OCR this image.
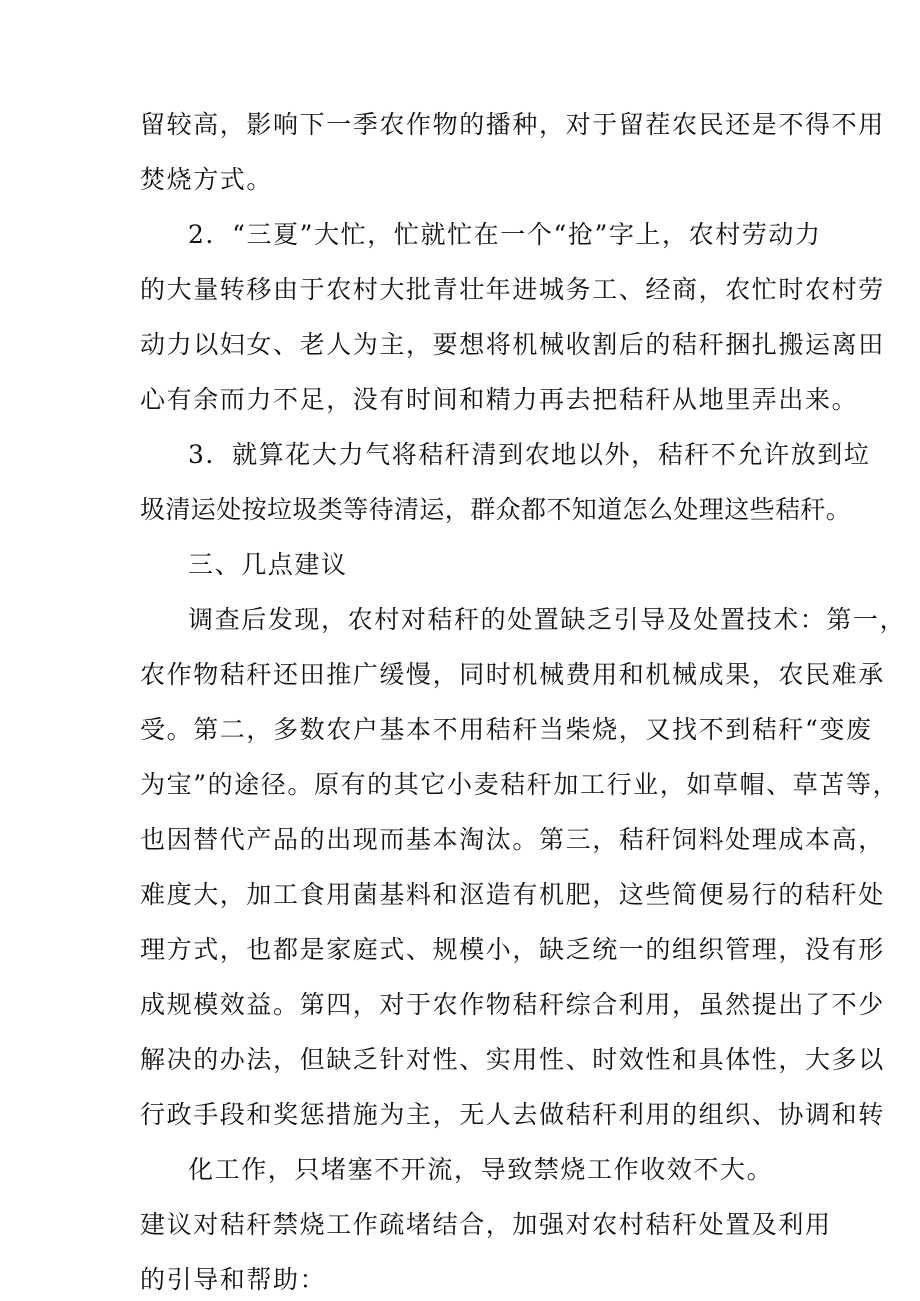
留较高，影响下一季农作物的播种，对于留茬农民还是不得不用
焚烧方式。
2．“三夏”大忙，忙就忙在一个“抢”字上，农村劳动力
的大量转移由于农村大批青壮年进城务工、经商，农忙时农村劳
动力以妇女、老人为主，要想将机械收割后的秸秆捆扎搬运离田
心有余而力不足，没有时间和精力再去把秸秆从地里弄出来。
3．就算花大力气将秸秆清到农地以外，秸秆不允许放到垃
圾清运处按垃圾类等待清运，群众都不知道怎么处理这些秸秆。
三、几点建议
调查后发现，农村对秸秆的处置缺乏引导及处置技术：第一，
农作物秸秆还田推广缓慢，同时机械费用和机械成果，农民难承
受。第二，多数农户基本不用秸秆当柴烧，又找不到秸秆“变废
为宝”的途径。原有的其它小麦秸秆加工行业，如草帽、草苫等，
也因替代产品的出现而基本淘汰。第三，秸秆饲料处理成本高，
难度大，加工食用菌基料和沤造有机肥，这些简便易行的秸秆处
理方式，也都是家庭式、规模小，缺乏统一的组织管理，没有形
成规模效益。第四，对于农作物秸秆综合利用，虽然提出了不少
解决的办法，但缺乏针对性、实用性、时效性和具体性，大多以
行政手段和奖惩措施为主，无人去做秸秆利用的组织、协调和转
化工作，只堵塞不开流，导致禁烧工作收效不大。
建议对秸秆禁烧工作疏堵结合，加强对农村秸秆处置及利用
的引导和帮助：
